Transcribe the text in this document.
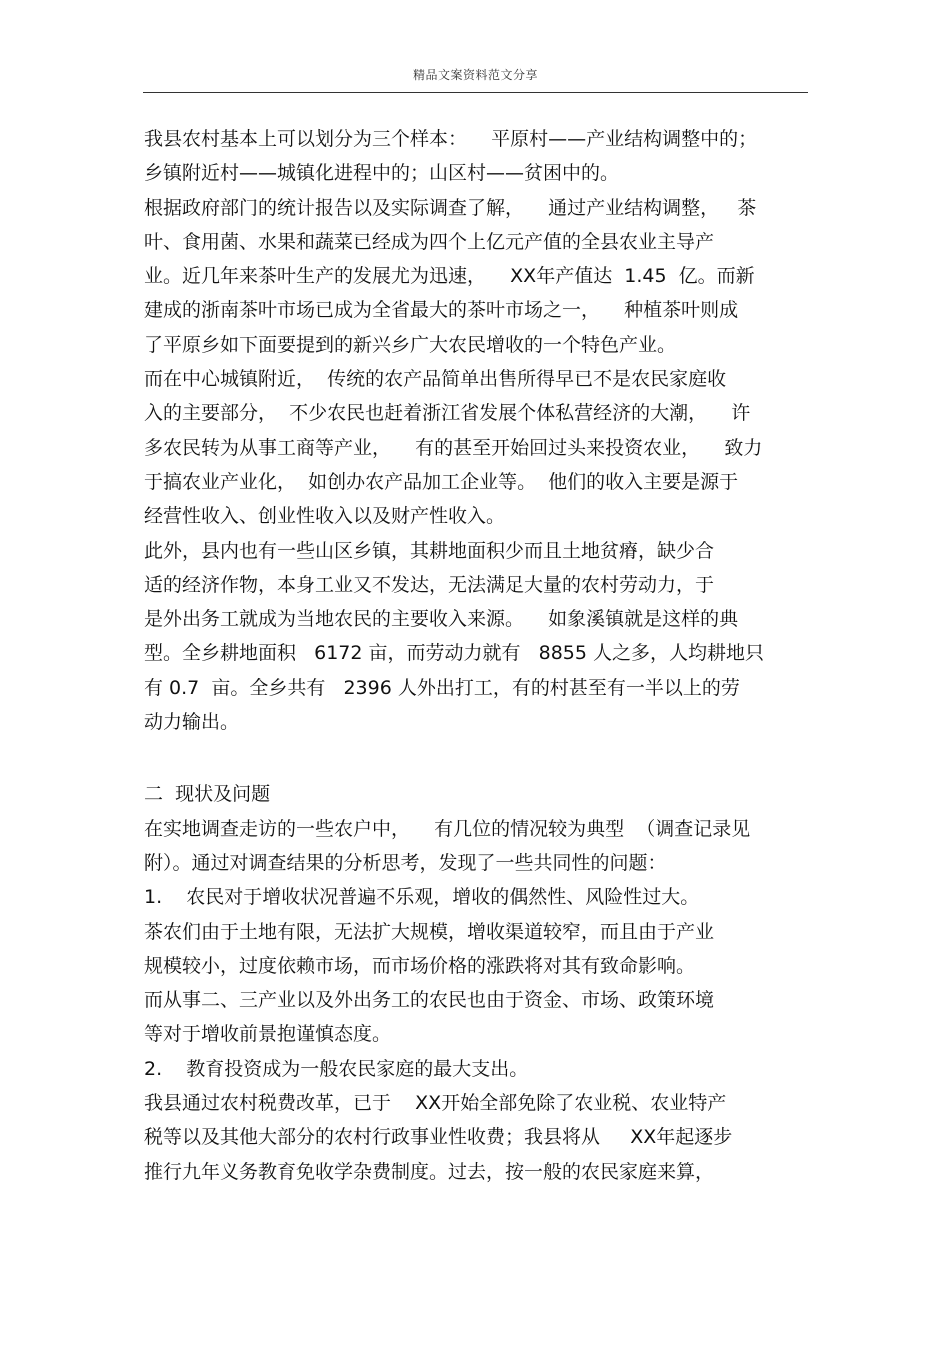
精品文案资料范文分享
我县农村基本上可以划分为三个样本：    平原村——产业结构调整中的；
乡镇附近村——城镇化进程中的；山区村——贫困中的。
根据政府部门的统计报告以及实际调查了解，    通过产业结构调整，   茶
叶、食用菌、水果和蔬菜已经成为四个上亿元产值的全县农业主导产
业。近几年来茶叶生产的发展尤为迅速，    XX年产值达  1.45  亿。而新
建成的浙南茶叶市场已成为全省最大的茶叶市场之一，    种植茶叶则成
了平原乡如下面要提到的新兴乡广大农民增收的一个特色产业。
而在中心城镇附近，  传统的农产品简单出售所得早已不是农民家庭收
入的主要部分，  不少农民也赶着浙江省发展个体私营经济的大潮，    许
多农民转为从事工商等产业，    有的甚至开始回过头来投资农业，    致力
于搞农业产业化，  如创办农产品加工企业等。  他们的收入主要是源于
经营性收入、创业性收入以及财产性收入。
此外，县内也有一些山区乡镇，其耕地面积少而且土地贫瘠，缺少合
适的经济作物，本身工业又不发达，无法满足大量的农村劳动力，于
是外出务工就成为当地农民的主要收入来源。    如象溪镇就是这样的典
型。全乡耕地面积   6172 亩，而劳动力就有   8855 人之多，人均耕地只
有 0.7  亩。全乡共有   2396 人外出打工，有的村甚至有一半以上的劳
动力输出。
二  现状及问题
在实地调查走访的一些农户中，    有几位的情况较为典型  （调查记录见
附）。通过对调查结果的分析思考，发现了一些共同性的问题：
1.    农民对于增收状况普遍不乐观，增收的偶然性、风险性过大。
茶农们由于土地有限，无法扩大规模，增收渠道较窄，而且由于产业
规模较小，过度依赖市场，而市场价格的涨跌将对其有致命影响。
而从事二、三产业以及外出务工的农民也由于资金、市场、政策环境
等对于增收前景抱谨慎态度。
2.    教育投资成为一般农民家庭的最大支出。
我县通过农村税费改革，已于    XX开始全部免除了农业税、农业特产
税等以及其他大部分的农村行政事业性收费；我县将从     XX年起逐步
推行九年义务教育免收学杂费制度。过去，按一般的农民家庭来算，
